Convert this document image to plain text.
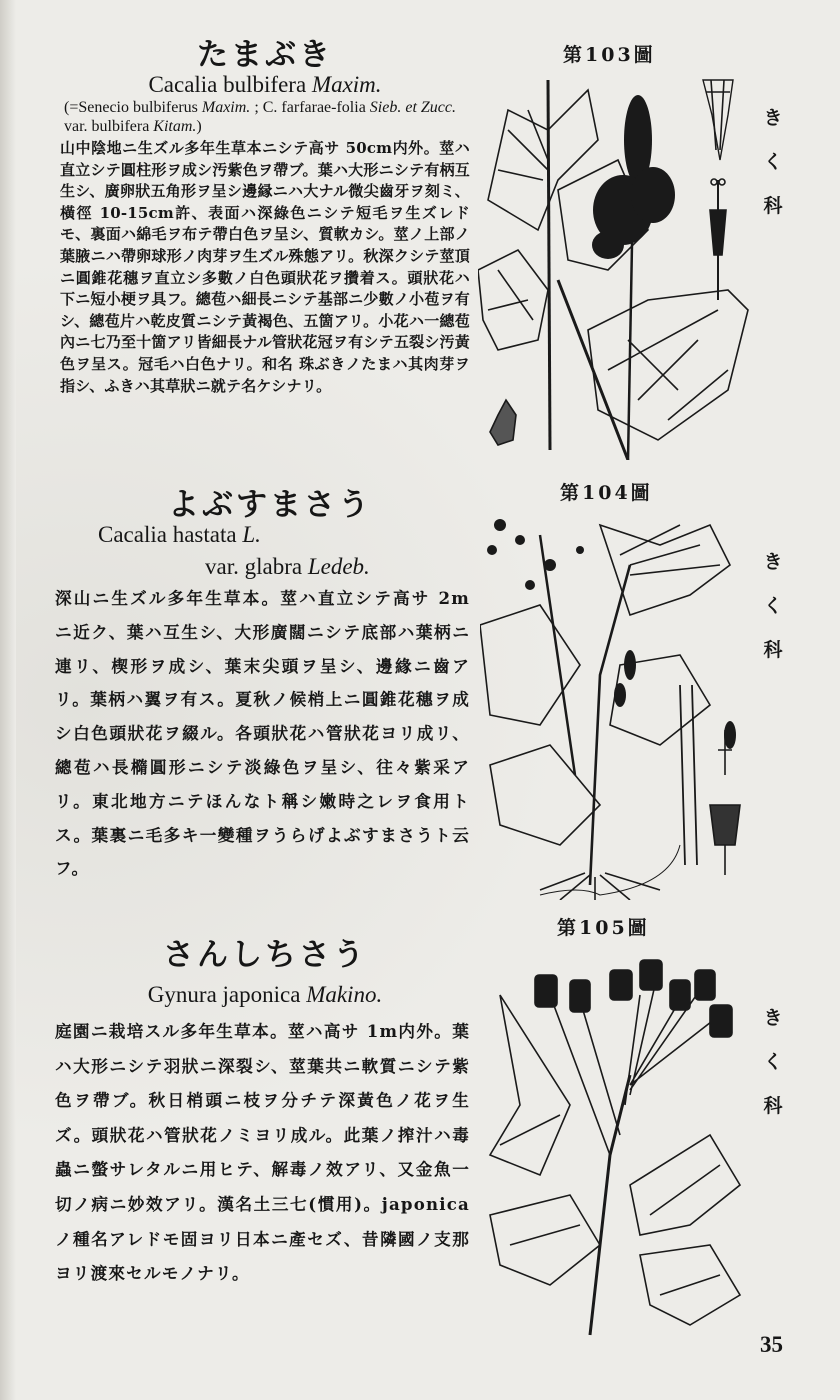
たまぶき

Cacalia bulbifera Maxim.

(=Senecio bulbiferus Maxim. ; C. farfarae-folia Sieb. et Zucc. var. bulbifera Kitam.)

山中陰地ニ生ズル多年生草本ニシテ高サ 50cm内外。莖ハ直立シテ圓柱形ヲ成シ汚紫色ヲ帶ブ。葉ハ大形ニシテ有柄互生シ、廣卵狀五角形ヲ呈シ邊縁ニハ大ナル微尖齒牙ヲ刻ミ、橫徑 10-15cm許、表面ハ深綠色ニシテ短毛ヲ生ズレドモ、裏面ハ綿毛ヲ布テ帶白色ヲ呈シ、質軟カシ。莖ノ上部ノ葉腋ニハ帶卵球形ノ肉芽ヲ生ズル殊態アリ。秋深クシテ莖頂ニ圓錐花穗ヲ直立シ多數ノ白色頭狀花ヲ攢着ス。頭狀花ハ下ニ短小梗ヲ具フ。總苞ハ細長ニシテ基部ニ少數ノ小苞ヲ有シ、總苞片ハ乾皮質ニシテ黃褐色、五箇アリ。小花ハ一總苞內ニ七乃至十箇アリ皆細長ナル管狀花冠ヲ有シテ五裂シ汚黃色ヲ呈ス。冠毛ハ白色ナリ。和名 珠ぶきノたまハ其肉芽ヲ指シ、ふきハ其草狀ニ就テ名ケシナリ。

よぶすまさう

Cacalia hastata L.

var. glabra Ledeb.

深山ニ生ズル多年生草本。莖ハ直立シテ高サ 2m ニ近ク、葉ハ互生シ、大形廣闊ニシテ底部ハ葉柄ニ連リ、楔形ヲ成シ、葉末尖頭ヲ呈シ、邊緣ニ齒アリ。葉柄ハ翼ヲ有ス。夏秋ノ候梢上ニ圓錐花穗ヲ成シ白色頭狀花ヲ綴ル。各頭狀花ハ管狀花ヨリ成リ、總苞ハ長橢圓形ニシテ淡綠色ヲ呈シ、往々紫采アリ。東北地方ニテほんなト稱シ嫩時之レヲ食用トス。葉裏ニ毛多キ一變種ヲうらげよぶすまさうト云フ。

さんしちさう

Gynura japonica Makino.

庭園ニ栽培スル多年生草本。莖ハ高サ 1m内外。葉ハ大形ニシテ羽狀ニ深裂シ、莖葉共ニ軟質ニシテ紫色ヲ帶ブ。秋日梢頭ニ枝ヲ分チテ深黃色ノ花ヲ生ズ。頭狀花ハ管狀花ノミヨリ成ル。此葉ノ搾汁ハ毒蟲ニ螫サレタルニ用ヒテ、解毒ノ效アリ、又金魚一切ノ病ニ妙效アリ。漢名土三七(慣用)。japonica ノ種名アレドモ固ヨリ日本ニ產セズ、昔隣國ノ支那ヨリ渡來セルモノナリ。

第103圖
第104圖
第105圖
き
く
科
き
く
科
き
く
科
35
